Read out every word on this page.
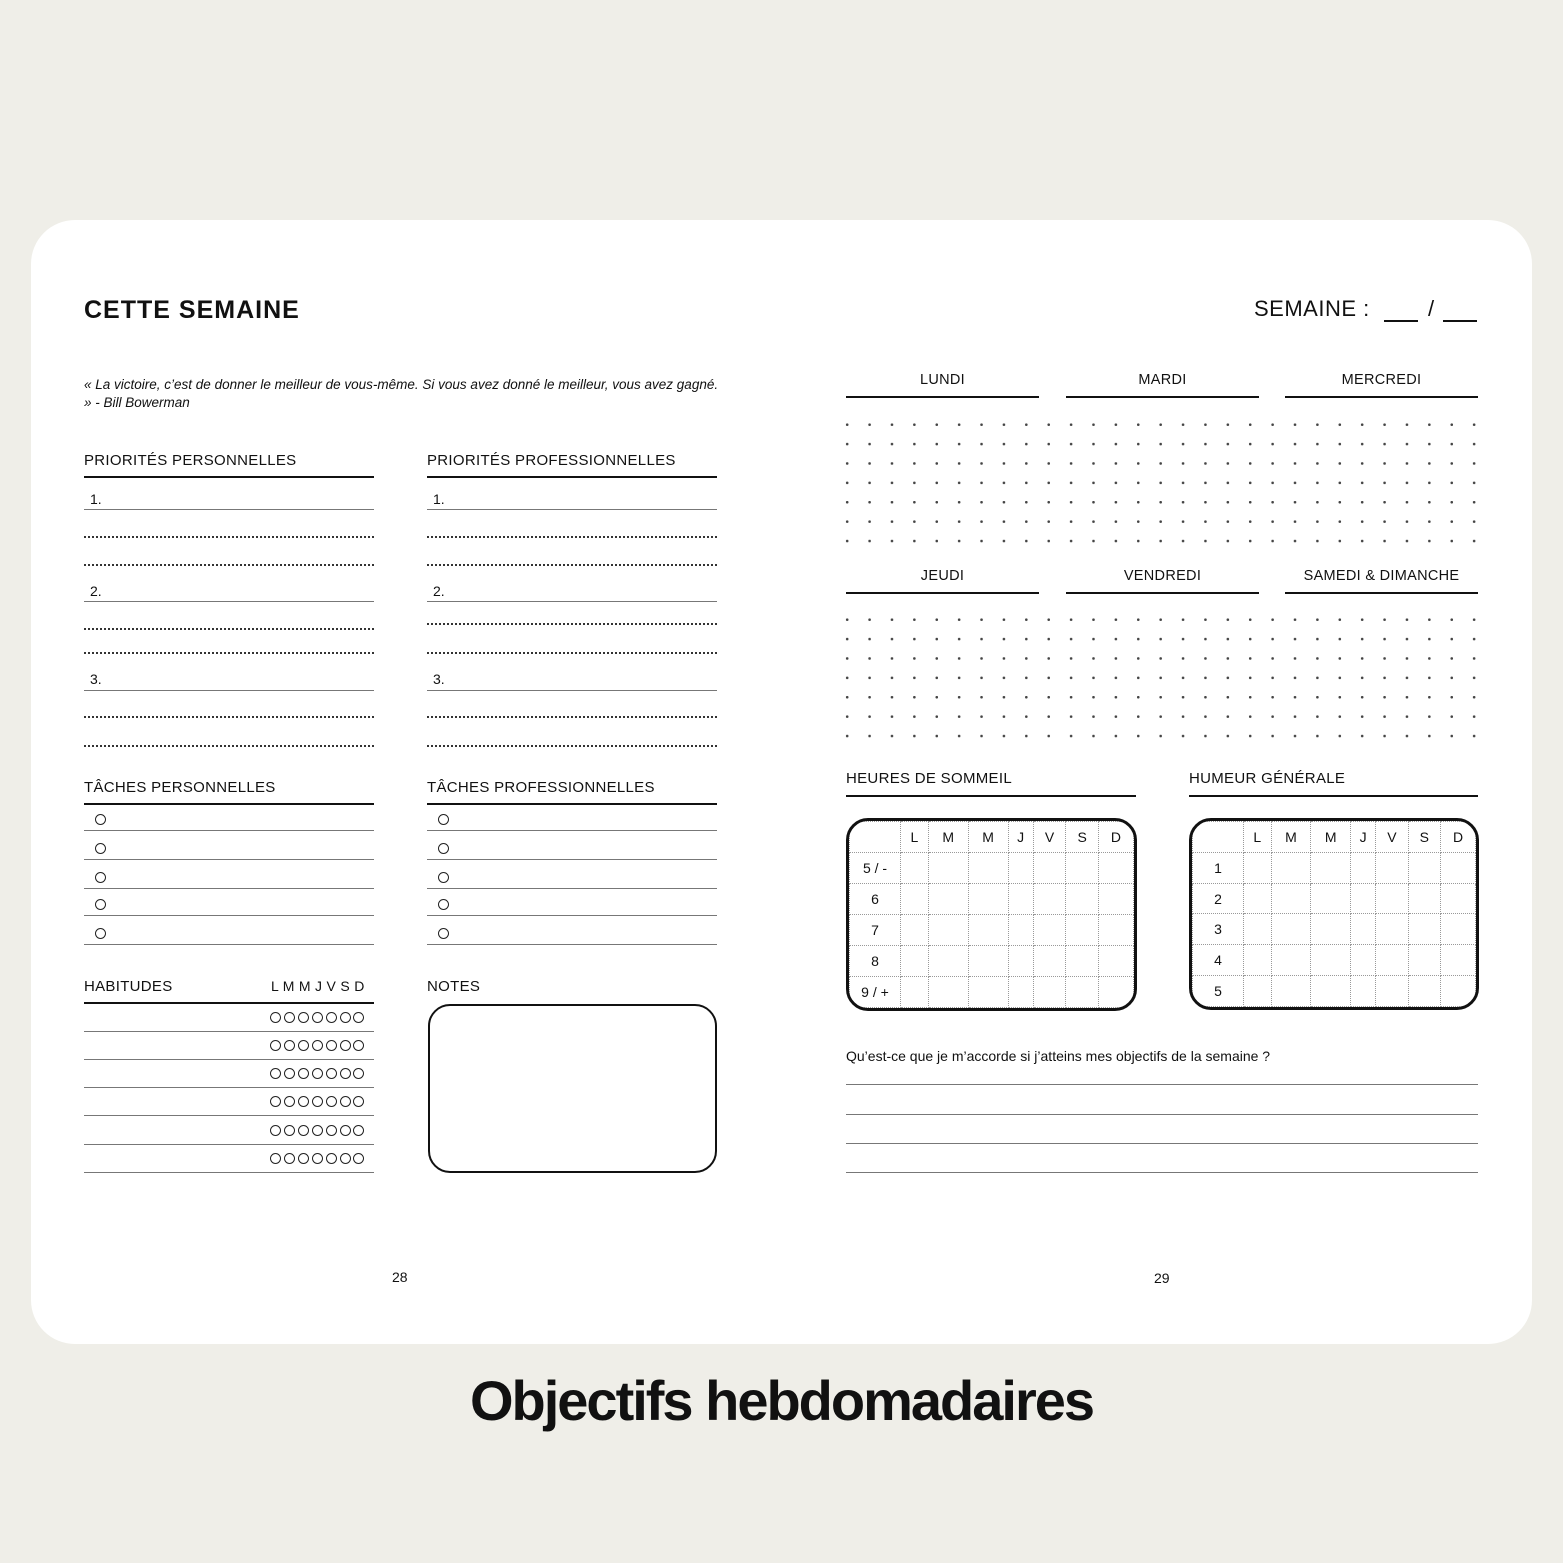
CETTE SEMAINE
« La victoire, c’est de donner le meilleur de vous-même. Si vous avez donné le meilleur, vous avez gagné. » - Bill Bowerman
PRIORITÉS PERSONNELLES
1.
2.
3.
PRIORITÉS PROFESSIONNELLES
1.
2.
3.
TÂCHES PERSONNELLES	TÂCHES PROFESSIONNELLES
HABITUDES	L M M J V S D	NOTES
28
SEMAINE :	/
LUNDI	MARDI	MERCREDI
JEUDI	VENDREDI	SAMEDI & DIMANCHE
HEURES DE SOMMEIL	HUMEUR GÉNÉRALE
	L	M	M	J	V	S	D
5 / -							
6							
7							
8							
9 / +							
	L	M	M	J	V	S	D
1							
2							
3							
4							
5							
Qu’est-ce que je m’accorde si j’atteins mes objectifs de la semaine ?
29
Objectifs hebdomadaires
